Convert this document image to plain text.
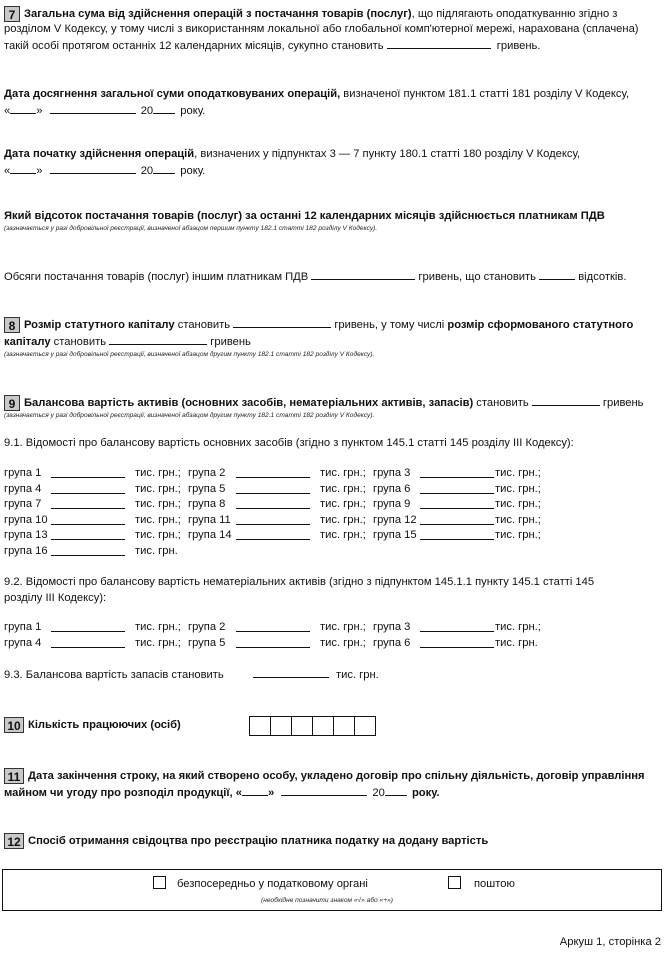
7 Загальна сума від здійснення операцій з постачання товарів (послуг), що підлягають оподаткуванню згідно з
розділом V Кодексу, у тому числі з використанням локальної або глобальної комп'ютерної мережі, нарахована (сплачена)
такій особі протягом останніх 12 календарних місяців, сукупно становить	гривень.
Дата досягнення загальної суми оподатковуваних операцій, визначеної пунктом 181.1 статті 181 розділу V Кодексу,
« »	20 року.
Дата початку здійснення операцій, визначених у підпунктах 3 — 7 пункту 180.1 статті 180 розділу V Кодексу,
« »	20 року.
Який відсоток постачання товарів (послуг) за останні 12 календарних місяців здійснюється платникам ПДВ
(зазначається у разі добровільної реєстрації, визначеної абзацом першим пункту 182.1 статті 182 розділу V Кодексу).
Обсяги постачання товарів (послуг) іншим платникам ПДВ	гривень, що становить	відсотків.
8 Розмір статутного капіталу становить	гривень, у тому числі розмір сформованого статутного
капіталу становить	гривень
(зазначається у разі добровільної реєстрації, визначеної абзацом другим пункту 182.1 статті 182 розділу V Кодексу).
9 Балансова вартість активів (основних засобів, нематеріальних активів, запасів) становить	гривень
(зазначається у разі добровільної реєстрації, визначеної абзацом другим пункту 182.1 статті 182 розділу V Кодексу).
9.1. Відомості про балансову вартість основних засобів (згідно з пунктом 145.1 статті 145 розділу III Кодексу):
група 1	тис. грн.; група 2	тис. грн.; група 3	тис. грн.;
група 4	тис. грн.; група 5	тис. грн.; група 6	тис. грн.;
група 7	тис. грн.; група 8	тис. грн.; група 9	тис. грн.;
група 10	тис. грн.; група 11	тис. грн.; група 12	тис. грн.;
група 13	тис. грн.; група 14	тис. грн.; група 15	тис. грн.;
група 16	тис. грн.
9.2. Відомості про балансову вартість нематеріальних активів (згідно з підпунктом 145.1.1 пункту 145.1 статті 145
розділу III Кодексу):
група 1	тис. грн.; група 2	тис. грн.; група 3	тис. грн.;
група 4	тис. грн.; група 5	тис. грн.; група 6	тис. грн.
9.3. Балансова вартість запасів становить	тис. грн.
10 Кількість працюючих (осіб)
11 Дата закінчення строку, на який створено особу, укладено договір про спільну діяльність, договір управління
майном чи угоду про розподіл продукції, « »	20 року.
12 Спосіб отримання свідоцтва про реєстрацію платника податку на додану вартість
безпосередньо у податковому органі	поштою
(необхідне позначити знаком «√» або «+»)
Аркуш 1, сторінка 2
